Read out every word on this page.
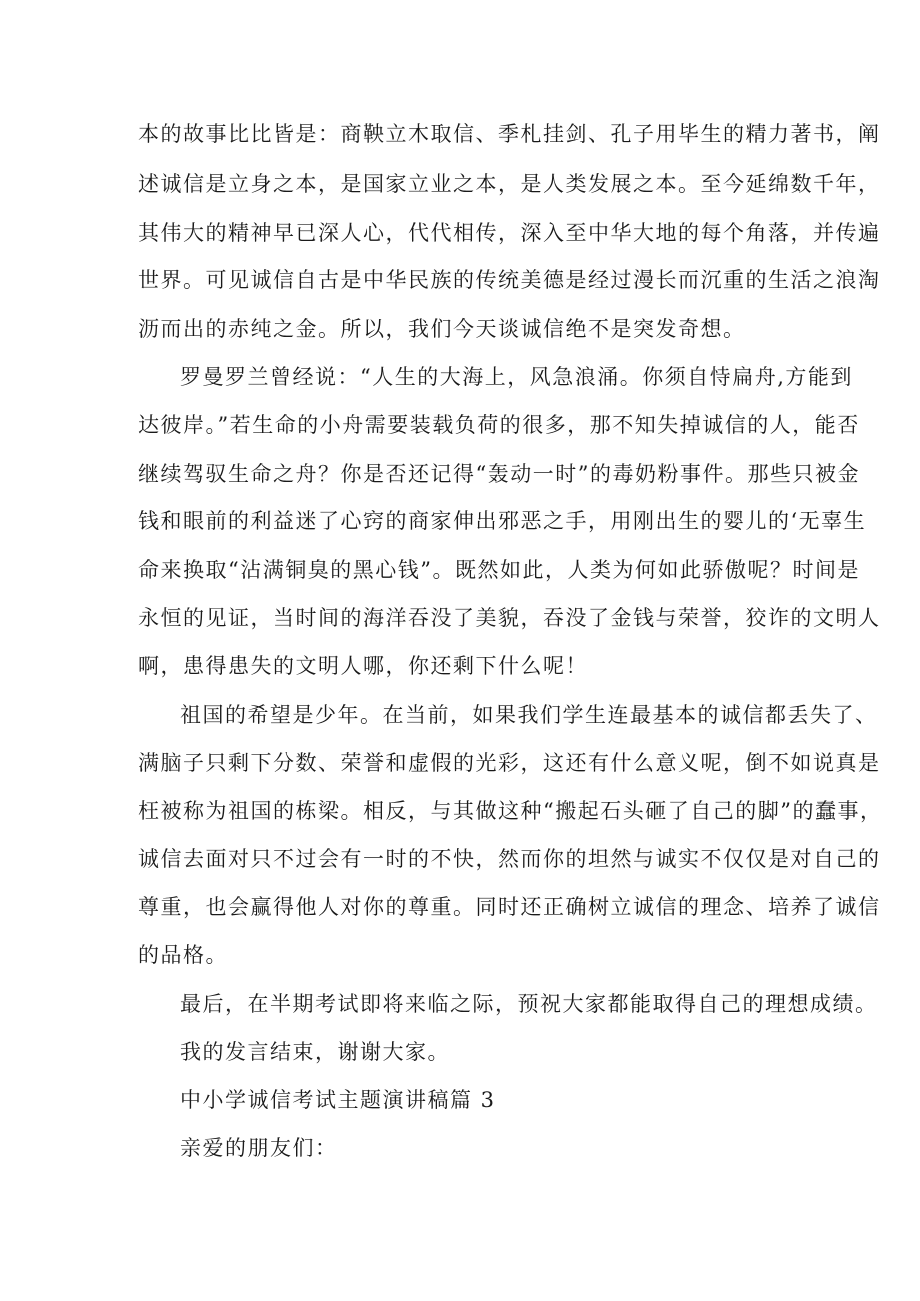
本的故事比比皆是：商鞅立木取信、季札挂剑、孔子用毕生的精力著书，阐
述诚信是立身之本，是国家立业之本，是人类发展之本。至今延绵数千年，
其伟大的精神早已深人心，代代相传，深入至中华大地的每个角落，并传遍
世界。可见诚信自古是中华民族的传统美德是经过漫长而沉重的生活之浪淘
沥而出的赤纯之金。所以，我们今天谈诚信绝不是突发奇想。
罗曼罗兰曾经说：“人生的大海上，风急浪涌。你须自恃扁舟,方能到
达彼岸。”若生命的小舟需要装载负荷的很多，那不知失掉诚信的人，能否
继续驾驭生命之舟？你是否还记得“轰动一时”的毒奶粉事件。那些只被金
钱和眼前的利益迷了心窍的商家伸出邪恶之手，用刚出生的婴儿的‘无辜生
命来换取“沾满铜臭的黑心钱”。既然如此，人类为何如此骄傲呢？时间是
永恒的见证，当时间的海洋吞没了美貌，吞没了金钱与荣誉，狡诈的文明人
啊，患得患失的文明人哪，你还剩下什么呢！
祖国的希望是少年。在当前，如果我们学生连最基本的诚信都丢失了、
满脑子只剩下分数、荣誉和虚假的光彩，这还有什么意义呢，倒不如说真是
枉被称为祖国的栋梁。相反，与其做这种“搬起石头砸了自己的脚”的蠢事，
诚信去面对只不过会有一时的不快，然而你的坦然与诚实不仅仅是对自己的
尊重，也会赢得他人对你的尊重。同时还正确树立诚信的理念、培养了诚信
的品格。
最后，在半期考试即将来临之际，预祝大家都能取得自己的理想成绩。
我的发言结束，谢谢大家。
中小学诚信考试主题演讲稿篇 3
亲爱的朋友们：
